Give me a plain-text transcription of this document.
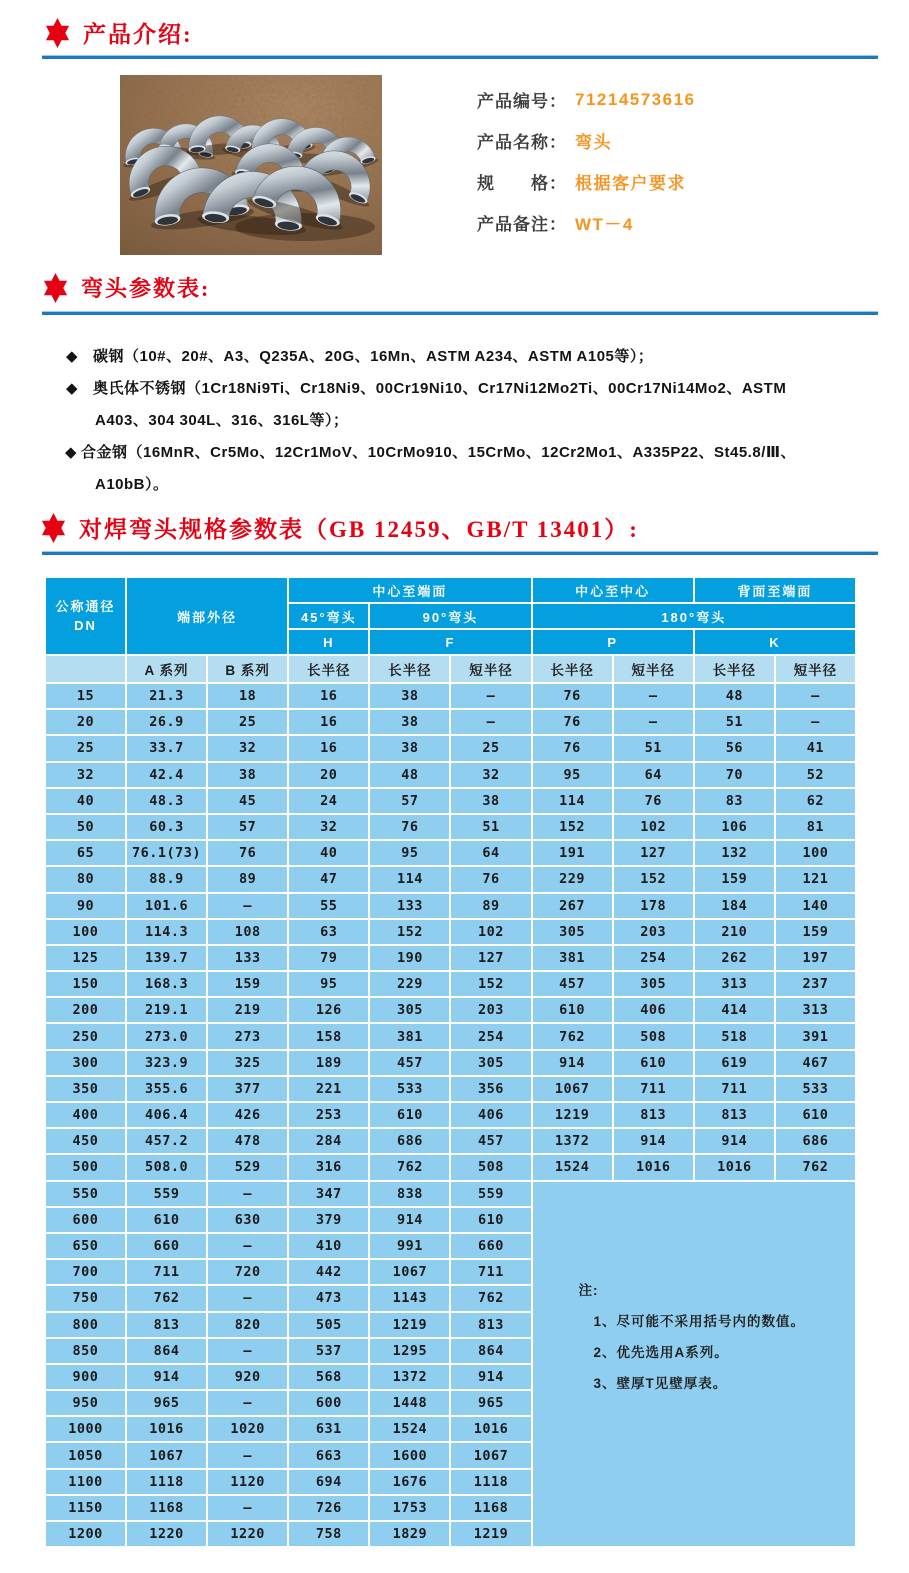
产品介绍:
产品编号： 71214573616
产品名称： 弯头
规　　格： 根据客户要求
产品备注： WT－4
弯头参数表:
◆ 碳钢（10#、20#、A3、Q235A、20G、16Mn、ASTM A234、ASTM A105等）；
◆ 奥氏体不锈钢（1Cr18Ni9Ti、Cr18Ni9、00Cr19Ni10、Cr17Ni12Mo2Ti、00Cr17Ni14Mo2、ASTM
A403、304 304L、316、316L等）；
◆ 合金钢（16MnR、Cr5Mo、12Cr1MoV、10CrMo910、15CrMo、12Cr2Mo1、A335P22、St45.8/Ⅲ、
A10bB）。
对焊弯头规格参数表（GB 12459、GB/T 13401）:
公称通径
DN	端部外径		中心至端面			中心至中心		背面至端面	
			45°弯头	90°弯头		180°弯头			
			H	F		P		K	
	A 系列	B 系列	长半径	长半径	短半径	长半径	短半径	长半径	短半径
15	21.3	18	16	38	—	76	—	48	—
20	26.9	25	16	38	—	76	—	51	—
25	33.7	32	16	38	25	76	51	56	41
32	42.4	38	20	48	32	95	64	70	52
40	48.3	45	24	57	38	114	76	83	62
50	60.3	57	32	76	51	152	102	106	81
65	76.1(73)	76	40	95	64	191	127	132	100
80	88.9	89	47	114	76	229	152	159	121
90	101.6	—	55	133	89	267	178	184	140
100	114.3	108	63	152	102	305	203	210	159
125	139.7	133	79	190	127	381	254	262	197
150	168.3	159	95	229	152	457	305	313	237
200	219.1	219	126	305	203	610	406	414	313
250	273.0	273	158	381	254	762	508	518	391
300	323.9	325	189	457	305	914	610	619	467
350	355.6	377	221	533	356	1067	711	711	533
400	406.4	426	253	610	406	1219	813	813	610
450	457.2	478	284	686	457	1372	914	914	686
500	508.0	529	316	762	508	1524	1016	1016	762
550	559	—	347	838	559	注:
1、尽可能不采用括号内的数值。
2、优先选用A系列。
3、壁厚T见壁厚表。			

600	610	630	379	914	610				
650	660	—	410	991	660				
700	711	720	442	1067	711				
750	762	—	473	1143	762				
800	813	820	505	1219	813				
850	864	—	537	1295	864				
900	914	920	568	1372	914				
950	965	—	600	1448	965				
1000	1016	1020	631	1524	1016				
1050	1067	—	663	1600	1067				
1100	1118	1120	694	1676	1118				
1150	1168	—	726	1753	1168				
1200	1220	1220	758	1829	1219				
